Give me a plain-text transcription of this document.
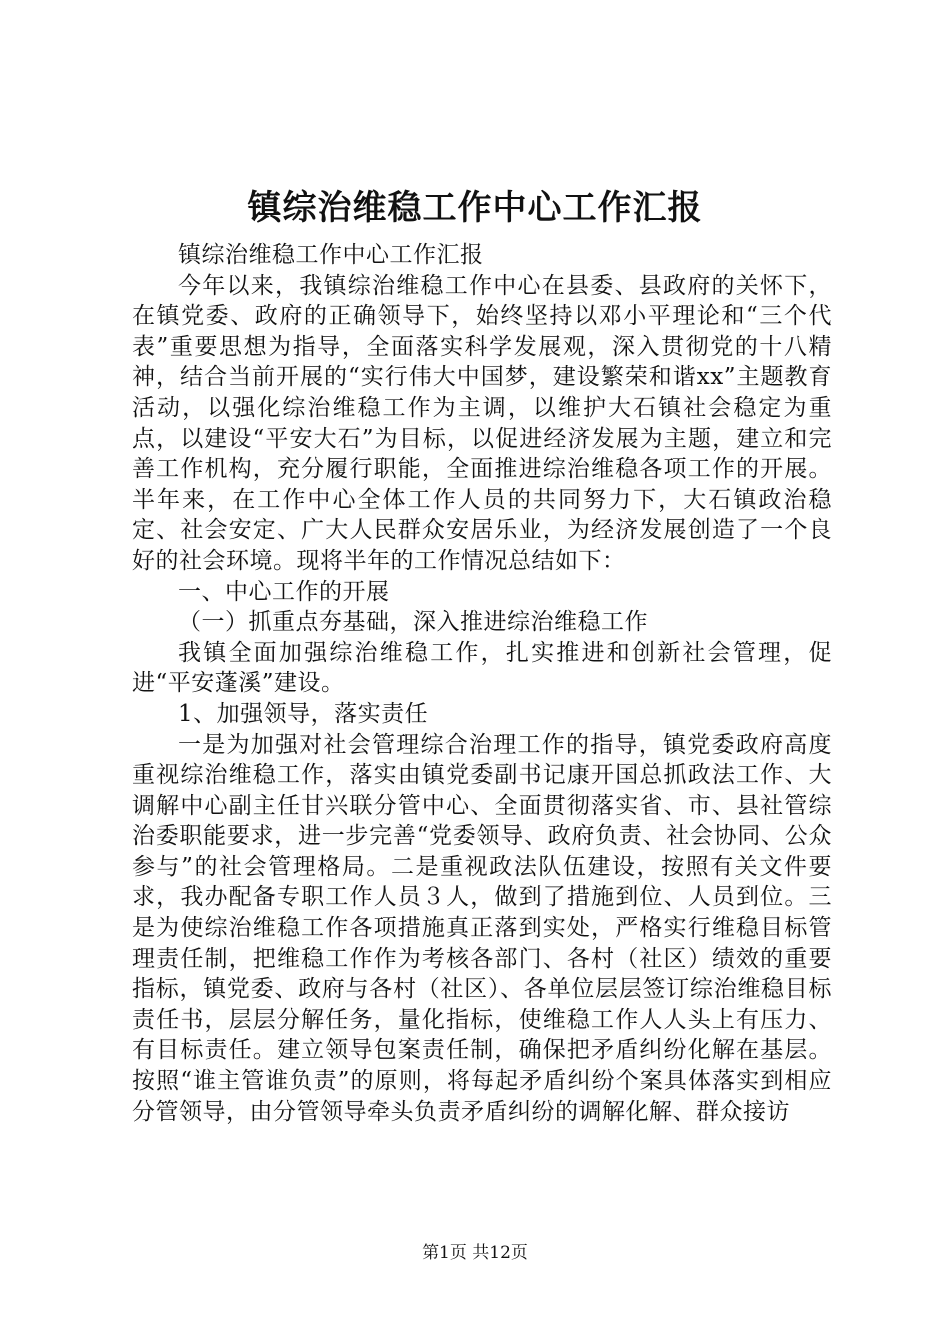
镇综治维稳工作中心工作汇报

镇综治维稳工作中心工作汇报

今年以来，我镇综治维稳工作中心在县委、县政府的关怀下，在镇党委、政府的正确领导下，始终坚持以邓小平理论和“三个代表”重要思想为指导，全面落实科学发展观，深入贯彻党的十八精神，结合当前开展的“实行伟大中国梦，建设繁荣和谐xx”主题教育活动，以强化综治维稳工作为主调，以维护大石镇社会稳定为重点，以建设“平安大石”为目标，以促进经济发展为主题，建立和完善工作机构，充分履行职能，全面推进综治维稳各项工作的开展。半年来，在工作中心全体工作人员的共同努力下，大石镇政治稳定、社会安定、广大人民群众安居乐业，为经济发展创造了一个良好的社会环境。现将半年的工作情况总结如下：

一、中心工作的开展

（一）抓重点夯基础，深入推进综治维稳工作

我镇全面加强综治维稳工作，扎实推进和创新社会管理，促进“平安蓬溪”建设。

1、加强领导，落实责任

一是为加强对社会管理综合治理工作的指导，镇党委政府高度重视综治维稳工作，落实由镇党委副书记康开国总抓政法工作、大调解中心副主任甘兴联分管中心、全面贯彻落实省、市、县社管综治委职能要求，进一步完善“党委领导、政府负责、社会协同、公众参与”的社会管理格局。二是重视政法队伍建设，按照有关文件要求，我办配备专职工作人员３人，做到了措施到位、人员到位。三是为使综治维稳工作各项措施真正落到实处，严格实行维稳目标管理责任制，把维稳工作作为考核各部门、各村（社区）绩效的重要指标，镇党委、政府与各村（社区）、各单位层层签订综治维稳目标责任书，层层分解任务，量化指标，使维稳工作人人头上有压力、有目标责任。建立领导包案责任制，确保把矛盾纠纷化解在基层。按照“谁主管谁负责”的原则，将每起矛盾纠纷个案具体落实到相应分管领导，由分管领导牵头负责矛盾纠纷的调解化解、群众接访

第1页 共12页
